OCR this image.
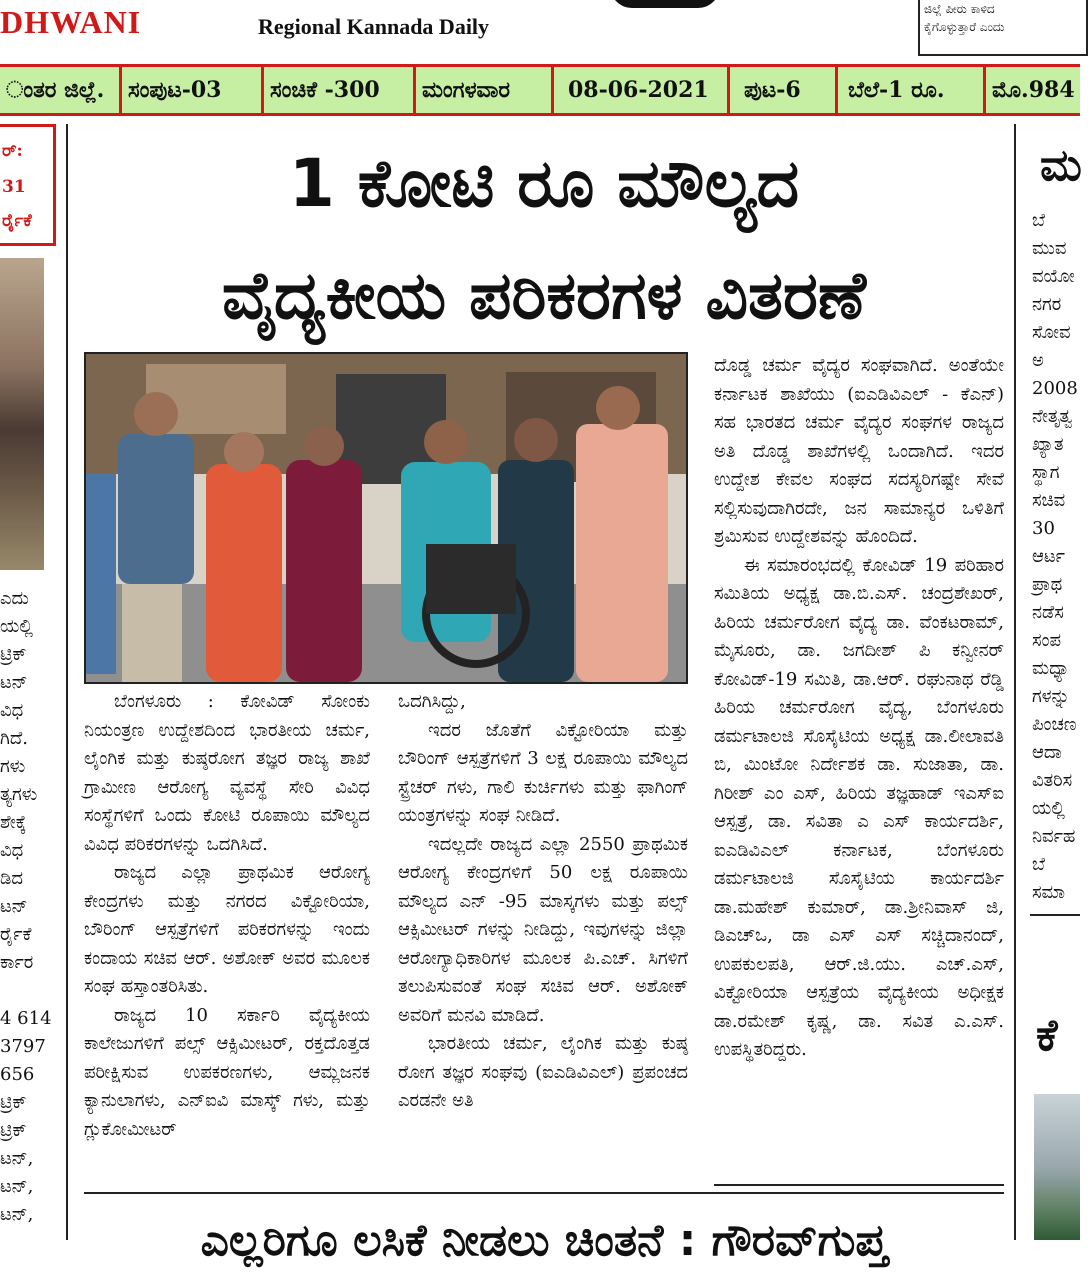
DHWANI	Regional Kannada Daily
ಜಿಲ್ಲೆ ಪೀರು ಕಾಳಿದ
ಕೈಗೊಳ್ಳುತ್ತಾರೆ ಎಂದು
ಂತರ ಜಿಲ್ಲೆ.	ಸಂಪುಟ-03	ಸಂಚಿಕೆ -300	ಮಂಗಳವಾರ	08-06-2021	ಪುಟ-6	ಬೆಲೆ-1 ರೂ.	ಮೊ.984
ರ್:
31
ರ್ರೈಕೆ
ಎದು
ಯಲ್ಲಿ
ಟ್ರಿಕ್
ಟನ್
ವಿಧ
ಗಿದೆ.
ಗಳು
ತ್ಯಗಳು
ಶೇಕ್ಕೆ
ವಿಧ
ಡಿದ
ಟನ್
ರ್ರೈಕೆ
ರ್ಕಾರ
4 614
3797
656
ಟ್ರಿಕ್
ಟ್ರಿಕ್
ಟನ್,
ಟನ್,
ಟನ್,
1 ಕೋಟಿ ರೂ ಮೌಲ್ಯದ
ವೈದ್ಯಕೀಯ ಪರಿಕರಗಳ ವಿತರಣೆ

ಬೆಂಗಳೂರು : ಕೋವಿಡ್ ಸೋಂಕು ನಿಯಂತ್ರಣ ಉದ್ದೇಶದಿಂದ ಭಾರತೀಯ ಚರ್ಮ, ಲೈಂಗಿಕ ಮತ್ತು ಕುಷ್ಠರೋಗ ತಜ್ಞರ ರಾಜ್ಯ ಶಾಖೆ ಗ್ರಾಮೀಣ ಆರೋಗ್ಯ ವ್ಯವಸ್ಥೆ ಸೇರಿ ವಿವಿಧ ಸಂಸ್ಥೆಗಳಿಗೆ ಒಂದು ಕೋಟಿ ರೂಪಾಯಿ ಮೌಲ್ಯದ ವಿವಿಧ ಪರಿಕರಗಳನ್ನು ಒದಗಿಸಿದೆ.

ರಾಜ್ಯದ ಎಲ್ಲಾ ಪ್ರಾಥಮಿಕ ಆರೋಗ್ಯ ಕೇಂದ್ರಗಳು ಮತ್ತು ನಗರದ ವಿಕ್ಟೋರಿಯಾ, ಬೌರಿಂಗ್ ಆಸ್ಪತ್ರೆಗಳಿಗೆ ಪರಿಕರಗಳನ್ನು ಇಂದು ಕಂದಾಯ ಸಚಿವ ಆರ್. ಅಶೋಕ್ ಅವರ ಮೂಲಕ ಸಂಘ ಹಸ್ತಾಂತರಿಸಿತು.

ರಾಜ್ಯದ 10 ಸರ್ಕಾರಿ ವೈದ್ಯಕೀಯ ಕಾಲೇಜುಗಳಿಗೆ ಪಲ್ಸ್ ಆಕ್ಸಿಮೀಟರ್, ರಕ್ತದೊತ್ತಡ ಪರೀಕ್ಷಿಸುವ ಉಪಕರಣಗಳು, ಆಮ್ಲಜನಕ ಕ್ಯಾನುಲಾಗಳು, ಎನ್‌ಐವಿ ಮಾಸ್ಕ್ ಗಳು, ಮತ್ತು ಗ್ಲುಕೋಮೀಟರ್

ಒದಗಿಸಿದ್ದು,

ಇದರ ಜೊತೆಗೆ ವಿಕ್ಟೋರಿಯಾ ಮತ್ತು ಬೌರಿಂಗ್ ಆಸ್ಪತ್ರೆಗಳಿಗೆ 3 ಲಕ್ಷ ರೂಪಾಯಿ ಮೌಲ್ಯದ ಸ್ಟ್ರೆಚರ್ ಗಳು, ಗಾಲಿ ಕುರ್ಚಿಗಳು ಮತ್ತು ಫಾಗಿಂಗ್ ಯಂತ್ರಗಳನ್ನು ಸಂಘ ನೀಡಿದೆ.

ಇದಲ್ಲದೇ ರಾಜ್ಯದ ಎಲ್ಲಾ 2550 ಪ್ರಾಥಮಿಕ ಆರೋಗ್ಯ ಕೇಂದ್ರಗಳಿಗೆ 50 ಲಕ್ಷ ರೂಪಾಯಿ ಮೌಲ್ಯದ ಎನ್ -95 ಮಾಸ್ಕಗಳು ಮತ್ತು ಪಲ್ಸ್ ಆಕ್ಸಿಮೀಟರ್ ಗಳನ್ನು ನೀಡಿದ್ದು, ಇವುಗಳನ್ನು ಜಿಲ್ಲಾ ಆರೋಗ್ಯಾಧಿಕಾರಿಗಳ ಮೂಲಕ ಪಿ.ಎಚ್. ಸಿಗಳಿಗೆ ತಲುಪಿಸುವಂತೆ ಸಂಘ ಸಚಿವ ಆರ್. ಅಶೋಕ್ ಅವರಿಗೆ ಮನವಿ ಮಾಡಿದೆ.

ಭಾರತೀಯ ಚರ್ಮ, ಲೈಂಗಿಕ ಮತ್ತು ಕುಷ್ಠ ರೋಗ ತಜ್ಞರ ಸಂಘವು (ಐಎಡಿವಿಎಲ್) ಪ್ರಪಂಚದ ಎರಡನೇ ಅತಿ

ದೊಡ್ಡ ಚರ್ಮ ವೈದ್ಯರ ಸಂಘವಾಗಿದೆ. ಅಂತೆಯೇ ಕರ್ನಾಟಕ ಶಾಖೆಯು (ಐಎಡಿವಿಎಲ್ - ಕೆಎನ್) ಸಹ ಭಾರತದ ಚರ್ಮ ವೈದ್ಯರ ಸಂಘಗಳ ರಾಜ್ಯದ ಅತಿ ದೊಡ್ಡ ಶಾಖೆಗಳಲ್ಲಿ ಒಂದಾಗಿದೆ. ಇದರ ಉದ್ದೇಶ ಕೇವಲ ಸಂಘದ ಸದಸ್ಯರಿಗಷ್ಟೇ ಸೇವೆ ಸಲ್ಲಿಸುವುದಾಗಿರದೇ, ಜನ ಸಾಮಾನ್ಯರ ಒಳಿತಿಗೆ ಶ್ರಮಿಸುವ ಉದ್ದೇಶವನ್ನು ಹೊಂದಿದೆ.

ಈ ಸಮಾರಂಭದಲ್ಲಿ ಕೋವಿಡ್ 19 ಪರಿಹಾರ ಸಮಿತಿಯ ಅಧ್ಯಕ್ಷ ಡಾ.ಬಿ.ಎಸ್. ಚಂದ್ರಶೇಖರ್, ಹಿರಿಯ ಚರ್ಮರೋಗ ವೈದ್ಯ ಡಾ. ವೆಂಕಟರಾಮ್, ಮೈಸೂರು, ಡಾ. ಜಗದೀಶ್ ಪಿ ಕನ್ವೀನರ್ ಕೋವಿಡ್-19 ಸಮಿತಿ, ಡಾ.ಆರ್. ರಘುನಾಥ ರೆಡ್ಡಿ ಹಿರಿಯ ಚರ್ಮರೋಗ ವೈದ್ಯ, ಬೆಂಗಳೂರು ಡರ್ಮಟಾಲಜಿ ಸೊಸೈಟಿಯ ಅಧ್ಯಕ್ಷ ಡಾ.ಲೀಲಾವತಿ ಬಿ, ಮಿಂಟೋ ನಿರ್ದೇಶಕ ಡಾ. ಸುಜಾತಾ, ಡಾ. ಗಿರೀಶ್ ಎಂ ಎಸ್, ಹಿರಿಯ ತಜ್ಞಹಾಡ್ ಇಎಸ್ಐ ಆಸ್ಪತ್ರೆ, ಡಾ. ಸವಿತಾ ಎ ಎಸ್ ಕಾರ್ಯದರ್ಶಿ, ಐಎಡಿವಿಎಲ್ ಕರ್ನಾಟಕ, ಬೆಂಗಳೂರು ಡರ್ಮಟಾಲಜಿ ಸೊಸೈಟಿಯ ಕಾರ್ಯದರ್ಶಿ ಡಾ.ಮಹೇಶ್ ಕುಮಾರ್, ಡಾ.ಶ್ರೀನಿವಾಸ್ ಜಿ, ಡಿಎಚ್ಒ, ಡಾ ಎಸ್ ಎಸ್ ಸಚ್ಚಿದಾನಂದ್, ಉಪಕುಲಪತಿ, ಆರ್.ಜಿ.ಯು. ಎಚ್.ಎಸ್, ವಿಕ್ಟೋರಿಯಾ ಆಸ್ಪತ್ರೆಯ ವೈದ್ಯಕೀಯ ಅಧೀಕ್ಷಕ ಡಾ.ರಮೇಶ್ ಕೃಷ್ಣ, ಡಾ. ಸವಿತ ಎ.ಎಸ್. ಉಪಸ್ಥಿತರಿದ್ದರು.

ಮ
ಬೆ
ಮುವ
ವಯೋ
ನಗರ
ಸೋವ
ಅ
2008
ನೇತೃತ್ವ
ಖ್ಯಾತ
ಸ್ಥಾಗ
ಸಚಿವ
30
ಆರ್ಟ
ಪ್ರಾಥ
ನಡೆಸ
ಸಂಪ
ಮಧ್ಯಾ
ಗಳನ್ನು
ಪಿಂಚಣ
ಆದಾ
ವಿತರಿಸ
ಯಲ್ಲಿ
ನಿರ್ವಹ
ಬೆ
ಸಮಾ
ಕೆ
ಎಲ್ಲರಿಗೂ ಲಸಿಕೆ ನೀಡಲು ಚಿಂತನೆ : ಗೌರವ್‌ಗುಪ್ತ
